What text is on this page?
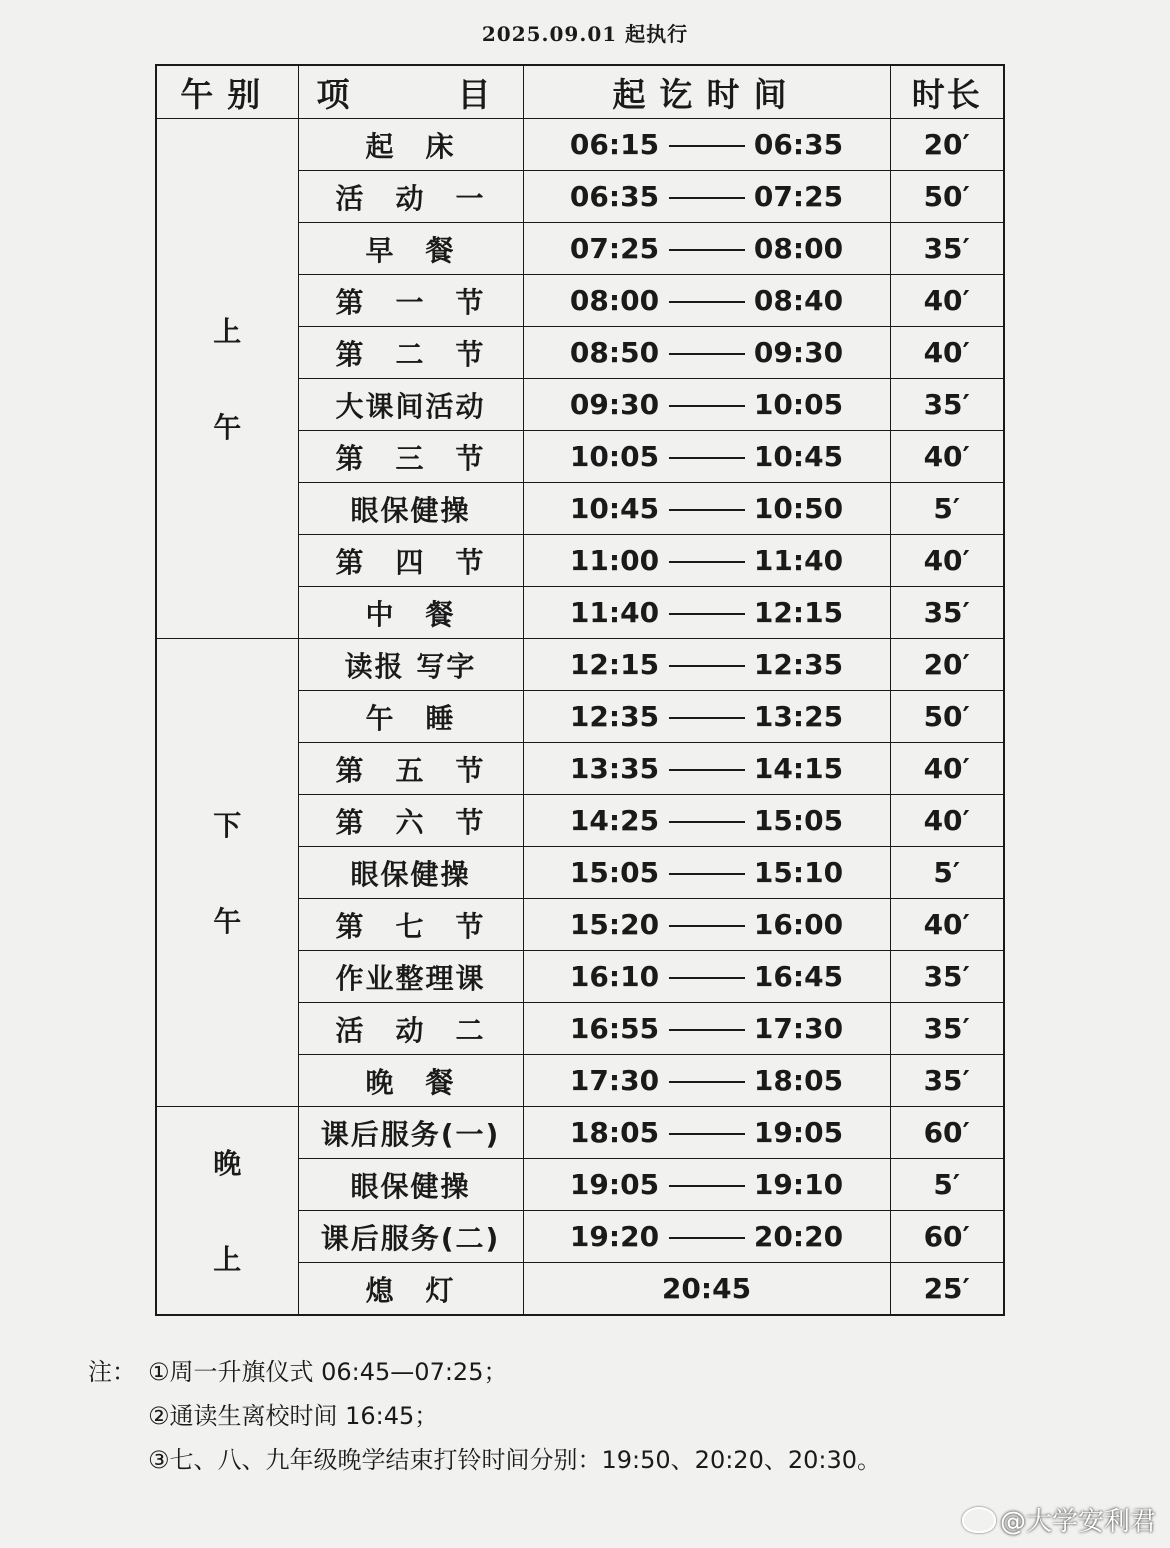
2025.09.01 起执行
午别	项　　目	起讫时间	时长

上
午	起　床	06:15 06:35	20′
	活　动　一	06:35 07:25	50′
	早　餐	07:25 08:00	35′
	第　一　节	08:00 08:40	40′
	第　二　节	08:50 09:30	40′
	大课间活动	09:30 10:05	35′
	第　三　节	10:05 10:45	40′
	眼保健操	10:45 10:50	5′
	第　四　节	11:00 11:40	40′
	中　餐	11:40 12:15	35′

下
午	读报 写字	12:15 12:35	20′
	午　睡	12:35 13:25	50′
	第　五　节	13:35 14:15	40′
	第　六　节	14:25 15:05	40′
	眼保健操	15:05 15:10	5′
	第　七　节	15:20 16:00	40′
	作业整理课	16:10 16:45	35′
	活　动　二	16:55 17:30	35′
	晚　餐	17:30 18:05	35′

晚
上	课后服务(一)	18:05 19:05	60′
	眼保健操	19:05 19:10	5′
	课后服务(二)	19:20 20:20	60′
	熄　灯	20:45	25′
注： ①周一升旗仪式 06:45—07:25；
②通读生离校时间 16:45；
③七、八、九年级晚学结束打铃时间分别：19:50、20:20、20:30。
@大学安利君
